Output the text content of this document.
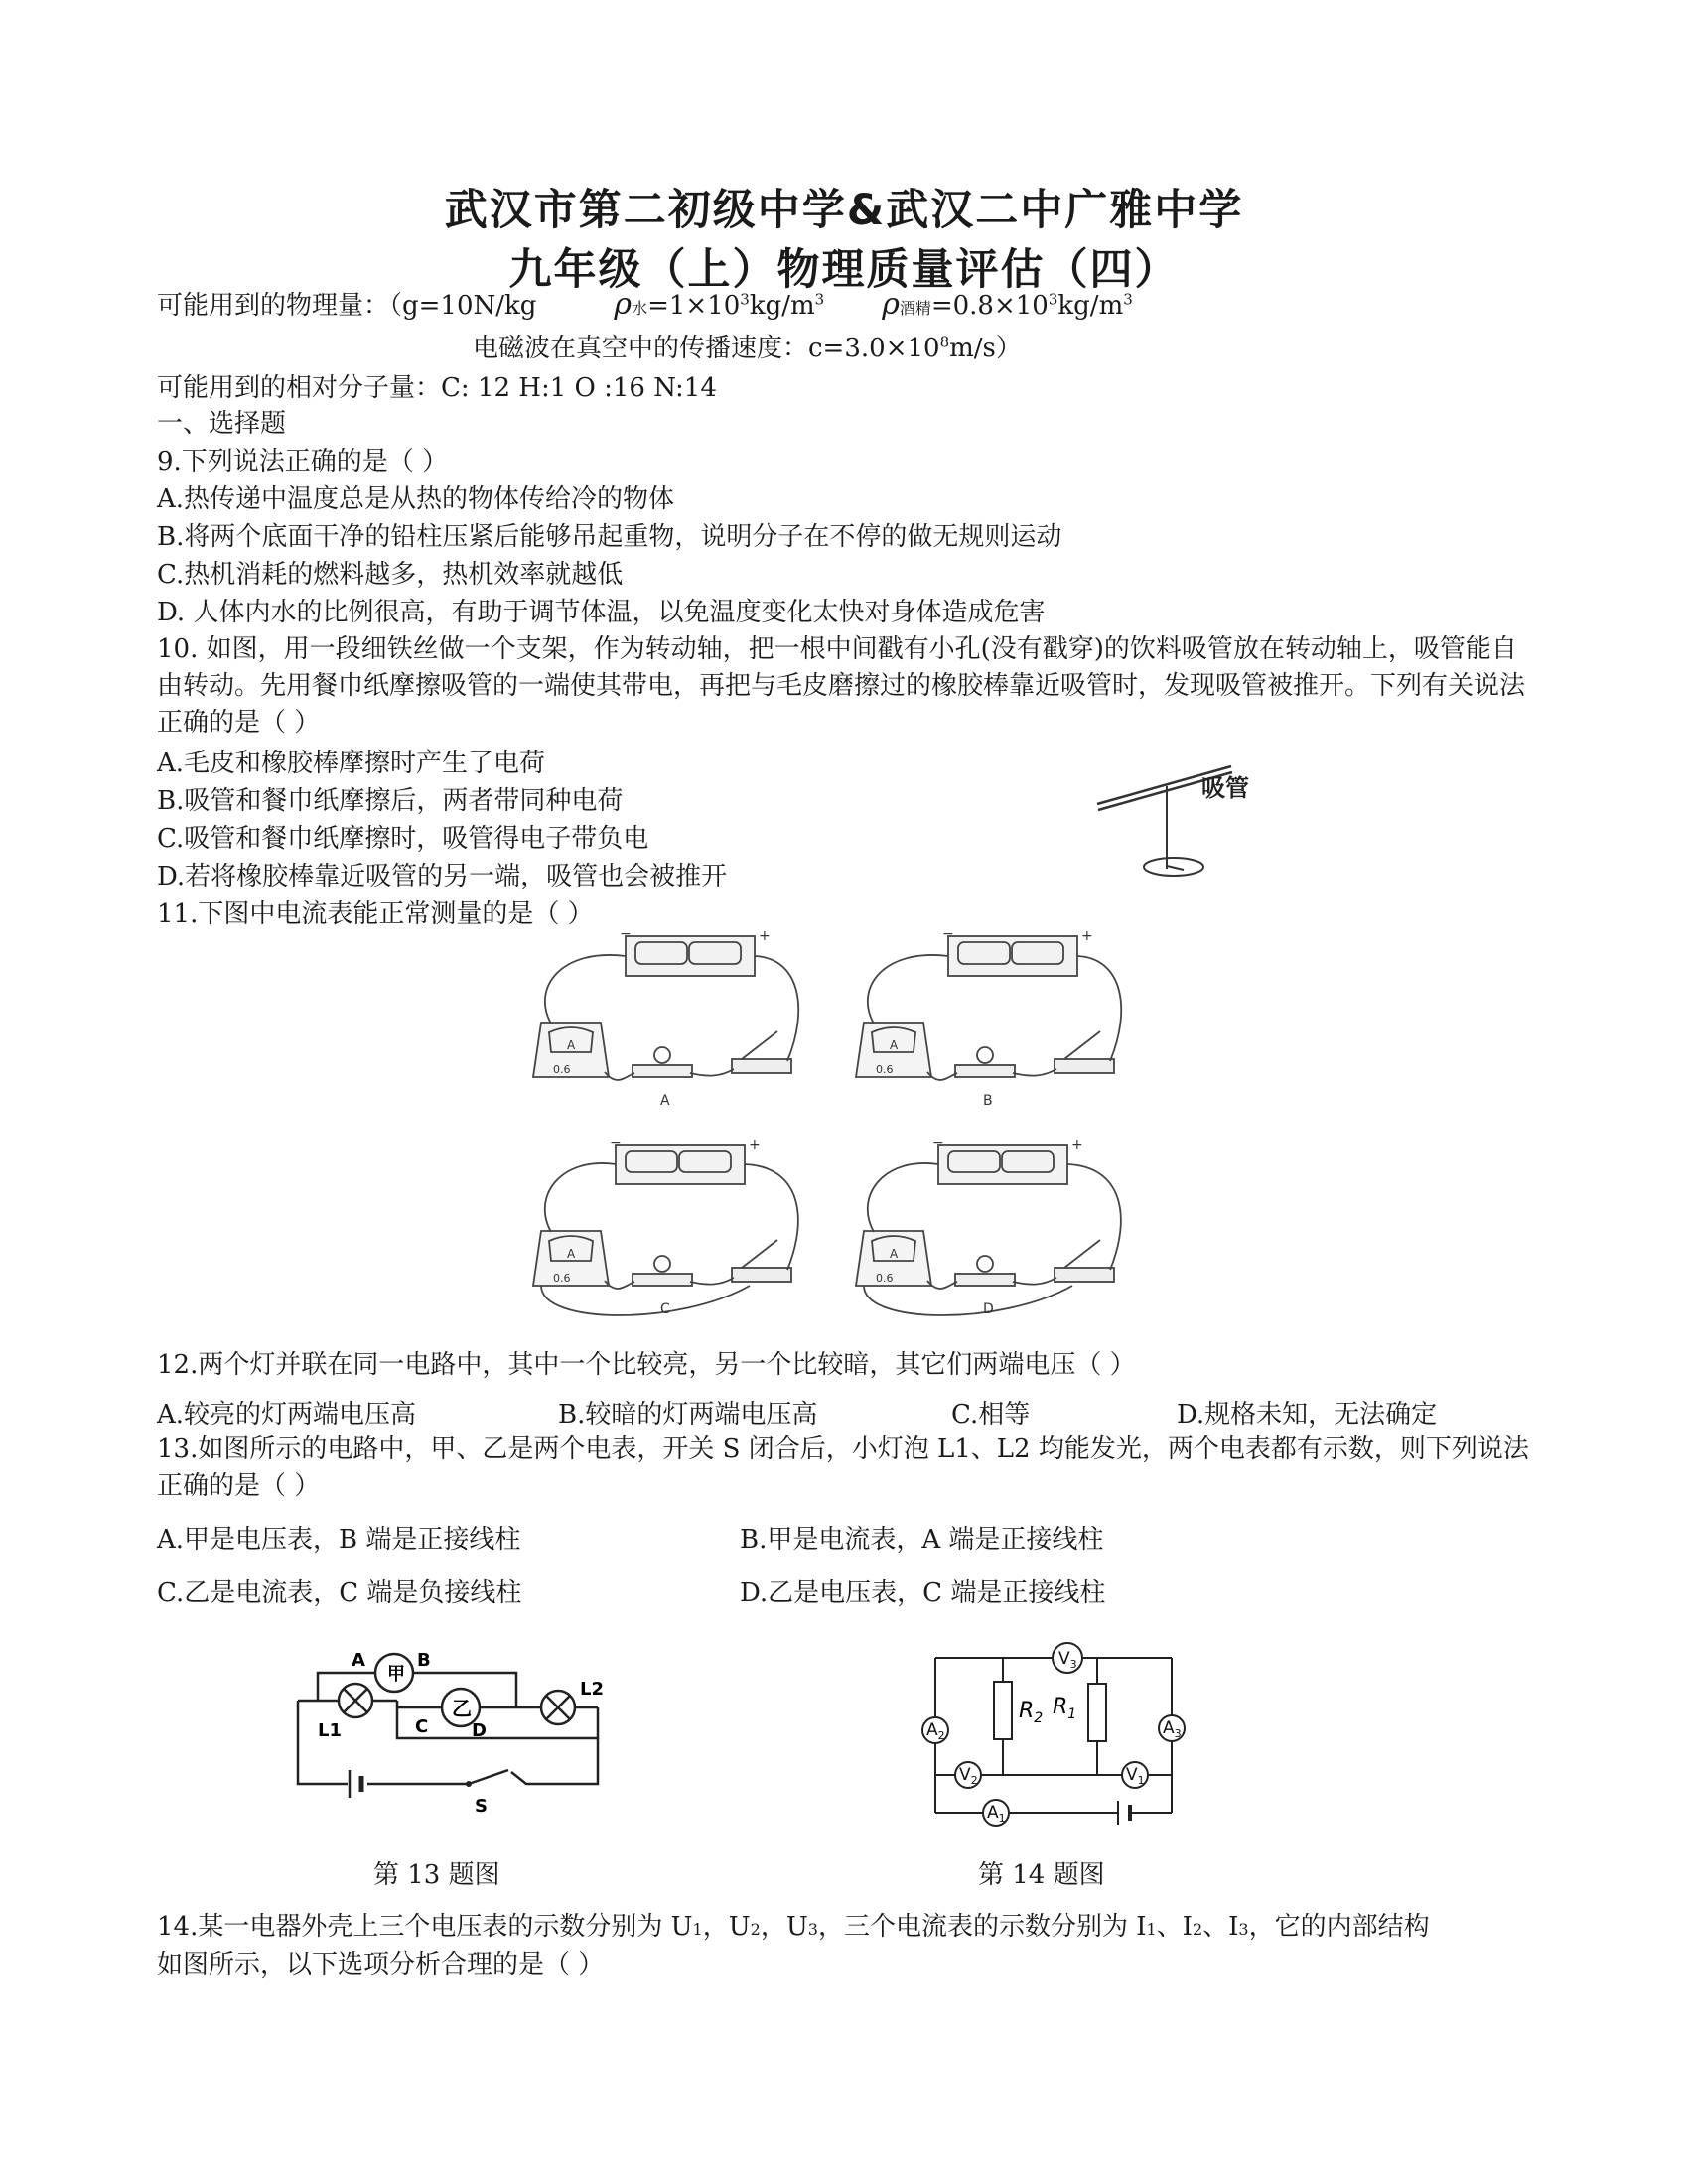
武汉市第二初级中学&武汉二中广雅中学
九年级（上）物理质量评估（四）
可能用到的物理量：（g=10N/kg	ρ水$=1\times 10^3kg/m^3$ ρ酒精$=0.8\times 10^3kg/m^3$
电磁波在真空中的传播速度：$c=3.0\times 10^8m/s$）
可能用到的相对分子量：C: 12 H:1 O :16 N:14
一、选择题
9.下列说法正确的是（ ）
A.热传递中温度总是从热的物体传给冷的物体
B.将两个底面干净的铅柱压紧后能够吊起重物，说明分子在不停的做无规则运动
C.热机消耗的燃料越多，热机效率就越低
D. 人体内水的比例很高，有助于调节体温，以免温度变化太快对身体造成危害
10. 如图，用一段细铁丝做一个支架，作为转动轴，把一根中间戳有小孔(没有戳穿)的饮料吸管放在转动轴上，吸管能自由转动。先用餐巾纸摩擦吸管的一端使其带电，再把与毛皮磨擦过的橡胶棒靠近吸管时，发现吸管被推开。下列有关说法正确的是（ ）
A.毛皮和橡胶棒摩擦时产生了电荷
B.吸管和餐巾纸摩擦后，两者带同种电荷
C.吸管和餐巾纸摩擦时，吸管得电子带负电
D.若将橡胶棒靠近吸管的另一端，吸管也会被推开
吸管
11.下图中电流表能正常测量的是（ ）
−	+
A
0.6
A
−	+
A
0.6
B
−	+
A
0.6
C
−	+
A
0.6
D
12.两个灯并联在同一电路中，其中一个比较亮，另一个比较暗，其它们两端电压（ ）
A.较亮的灯两端电压高	B.较暗的灯两端电压高	C.相等	D.规格未知，无法确定
13.如图所示的电路中，甲、乙是两个电表，开关 S 闭合后，小灯泡 L1、L2 均能发光，两个电表都有示数，则下列说法正确的是（ ）
A.甲是电压表，B 端是正接线柱	B.甲是电流表，A 端是正接线柱
C.乙是电流表，C 端是负接线柱	D.乙是电压表，C 端是正接线柱
甲
乙
A	B
C D
L1
L2
S
第 13 题图
$V_3$
$A_2$	$A_3$
$V_2$	$V_1$
$A_1$
$R_2$ $R_1$
第 14 题图
14.某一电器外壳上三个电压表的示数分别为 U1，U2，U3，三个电流表的示数分别为 I1、I2、I3，它的内部结构
如图所示，以下选项分析合理的是（ ）
